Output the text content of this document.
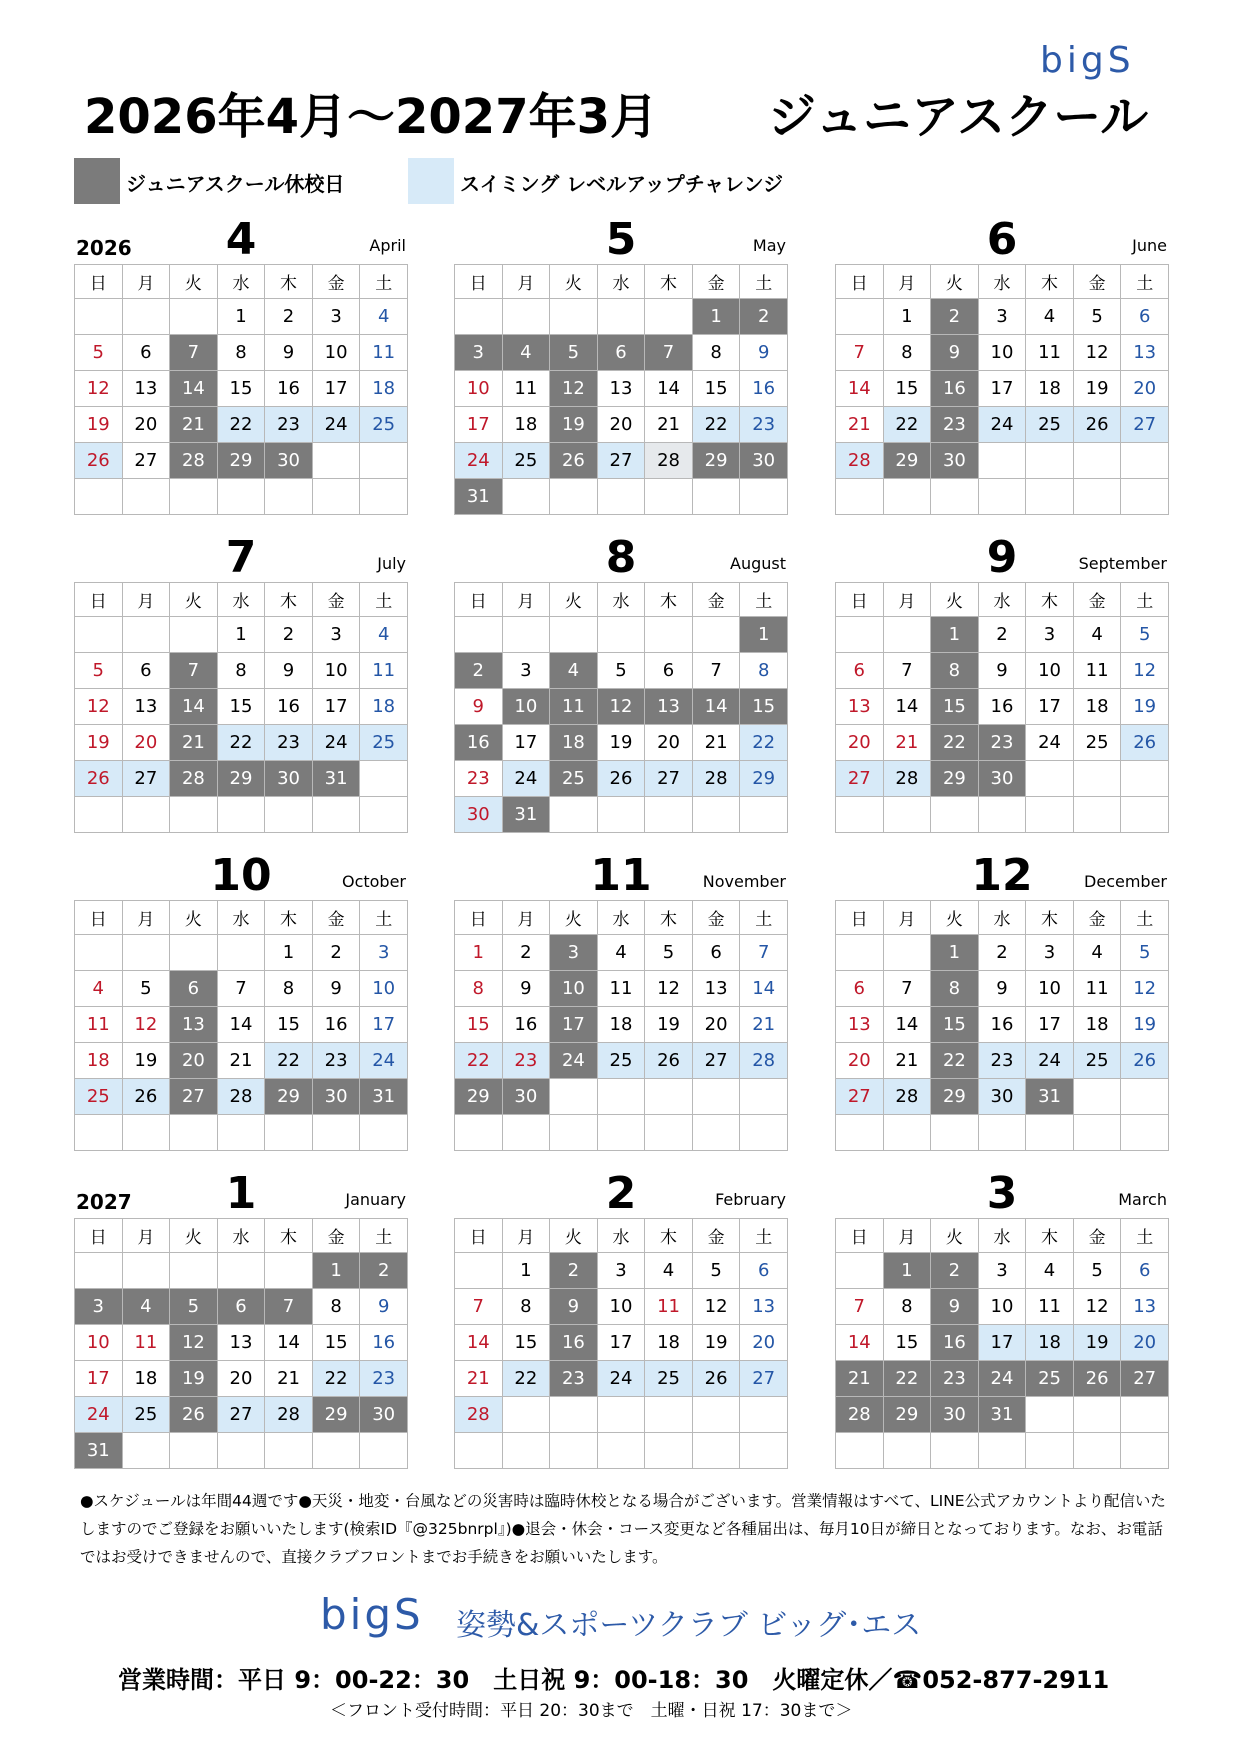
2026年4月～2027年3月
bigS
ジュニアスクール
ジュニアスクール休校日	スイミング レベルアップチャレンジ
2026	4	April
日	月	火	水	木	金	土
			1	2	3	4
5	6	7	8	9	10	11
12	13	14	15	16	17	18
19	20	21	22	23	24	25
26	27	28	29	30		

5	May
日	月	火	水	木	金	土
					1	2
3	4	5	6	7	8	9
10	11	12	13	14	15	16
17	18	19	20	21	22	23
24	25	26	27	28	29	30
31						
6	June
日	月	火	水	木	金	土
	1	2	3	4	5	6
7	8	9	10	11	12	13
14	15	16	17	18	19	20
21	22	23	24	25	26	27
28	29	30				

7	July
日	月	火	水	木	金	土
			1	2	3	4
5	6	7	8	9	10	11
12	13	14	15	16	17	18
19	20	21	22	23	24	25
26	27	28	29	30	31	

8	August
日	月	火	水	木	金	土
						1
2	3	4	5	6	7	8
9	10	11	12	13	14	15
16	17	18	19	20	21	22
23	24	25	26	27	28	29
30	31					
9	September
日	月	火	水	木	金	土
		1	2	3	4	5
6	7	8	9	10	11	12
13	14	15	16	17	18	19
20	21	22	23	24	25	26
27	28	29	30			

10	October
日	月	火	水	木	金	土
				1	2	3
4	5	6	7	8	9	10
11	12	13	14	15	16	17
18	19	20	21	22	23	24
25	26	27	28	29	30	31

11	November
日	月	火	水	木	金	土
1	2	3	4	5	6	7
8	9	10	11	12	13	14
15	16	17	18	19	20	21
22	23	24	25	26	27	28
29	30					

12	December
日	月	火	水	木	金	土
		1	2	3	4	5
6	7	8	9	10	11	12
13	14	15	16	17	18	19
20	21	22	23	24	25	26
27	28	29	30	31		

2027	1	January
日	月	火	水	木	金	土
					1	2
3	4	5	6	7	8	9
10	11	12	13	14	15	16
17	18	19	20	21	22	23
24	25	26	27	28	29	30
31						
2	February
日	月	火	水	木	金	土
	1	2	3	4	5	6
7	8	9	10	11	12	13
14	15	16	17	18	19	20
21	22	23	24	25	26	27
28						

3	March
日	月	火	水	木	金	土
	1	2	3	4	5	6
7	8	9	10	11	12	13
14	15	16	17	18	19	20
21	22	23	24	25	26	27
28	29	30	31			

●スケジュールは年間44週です●天災・地変・台風などの災害時は臨時休校となる場合がございます。営業情報はすべて、LINE公式アカウントより配信いたしますのでご登録をお願いいたします(検索ID『@325bnrpl』)●退会・休会・コース変更など各種届出は、毎月10日が締日となっております。なお、お電話ではお受けできませんので、直接クラブフロントまでお手続きをお願いいたします。
bigS 姿勢&スポーツクラブ ビッグ･エス
営業時間：平日 9：00-22：30　土日祝 9：00-18：30　火曜定休／☎052-877-2911
＜フロント受付時間：平日 20：30まで　土曜・日祝 17：30まで＞
